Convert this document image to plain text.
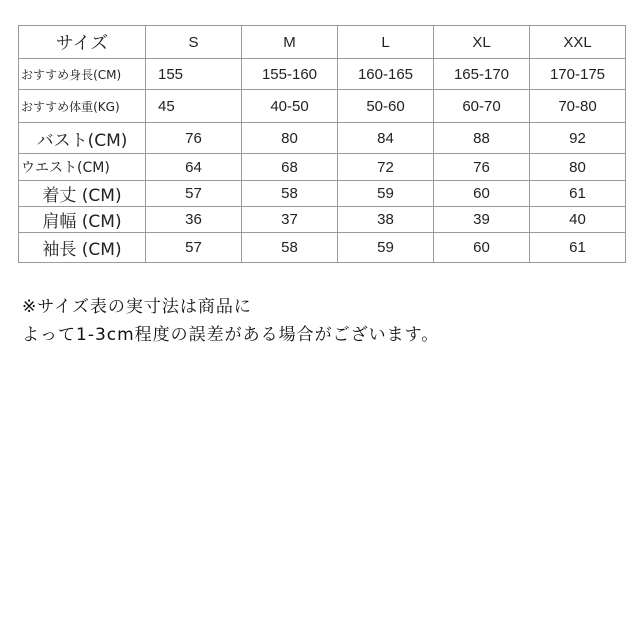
サイズ	S	M	L	XL	XXL
おすすめ身長(CM)	155	155-160	160-165	165-170	170-175
おすすめ体重(KG)	45	40-50	50-60	60-70	70-80
バスト(CM)	76	80	84	88	92
ウエスト(CM)	64	68	72	76	80
着丈 (CM)	57	58	59	60	61
肩幅 (CM)	36	37	38	39	40
袖長 (CM)	57	58	59	60	61
※サイズ表の実寸法は商品に
よって1-3cm程度の誤差がある場合がございます。
